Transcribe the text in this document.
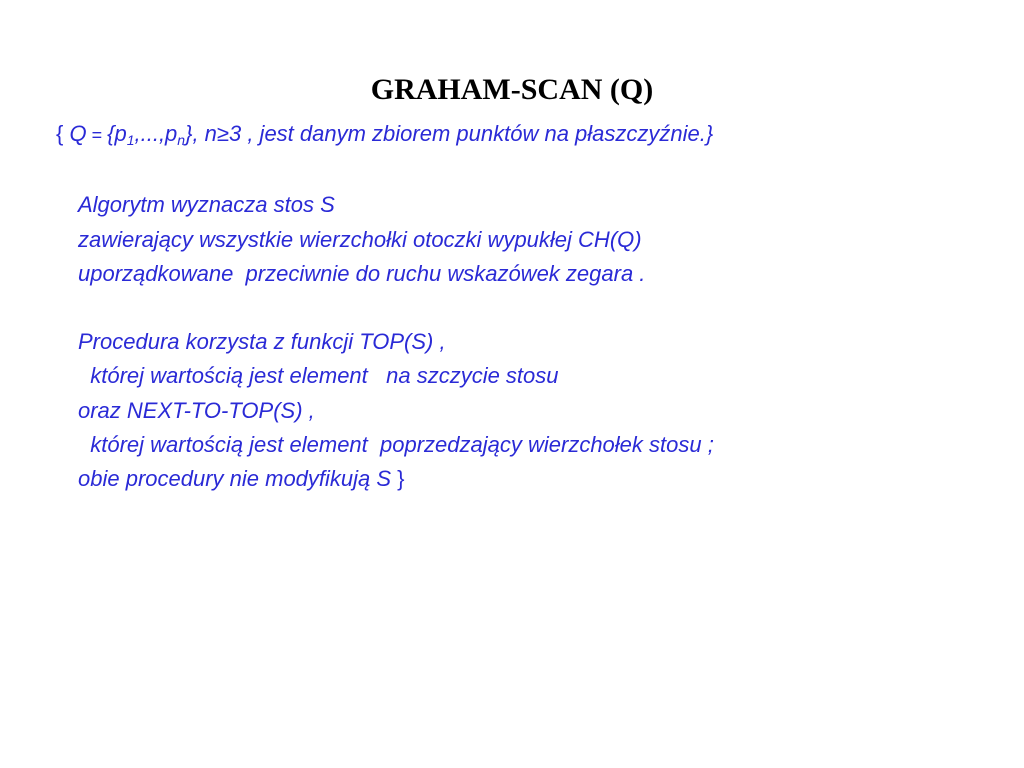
GRAHAM-SCAN (Q)
{ $Q = \{p_1,...,p_n\}$, n≥3 , jest danym zbiorem punktów na płaszczyźnie.}
Algorytm wyznacza stos S
zawierający wszystkie wierzchołki otoczki wypukłej CH(Q)
uporządkowane  przeciwnie do ruchu wskazówek zegara .
Procedura korzysta z funkcji TOP(S) ,
której wartością jest element   na szczycie stosu
oraz NEXT-TO-TOP(S) ,
której wartością jest element  poprzedzający wierzchołek stosu ;
obie procedury nie modyfikują S }
